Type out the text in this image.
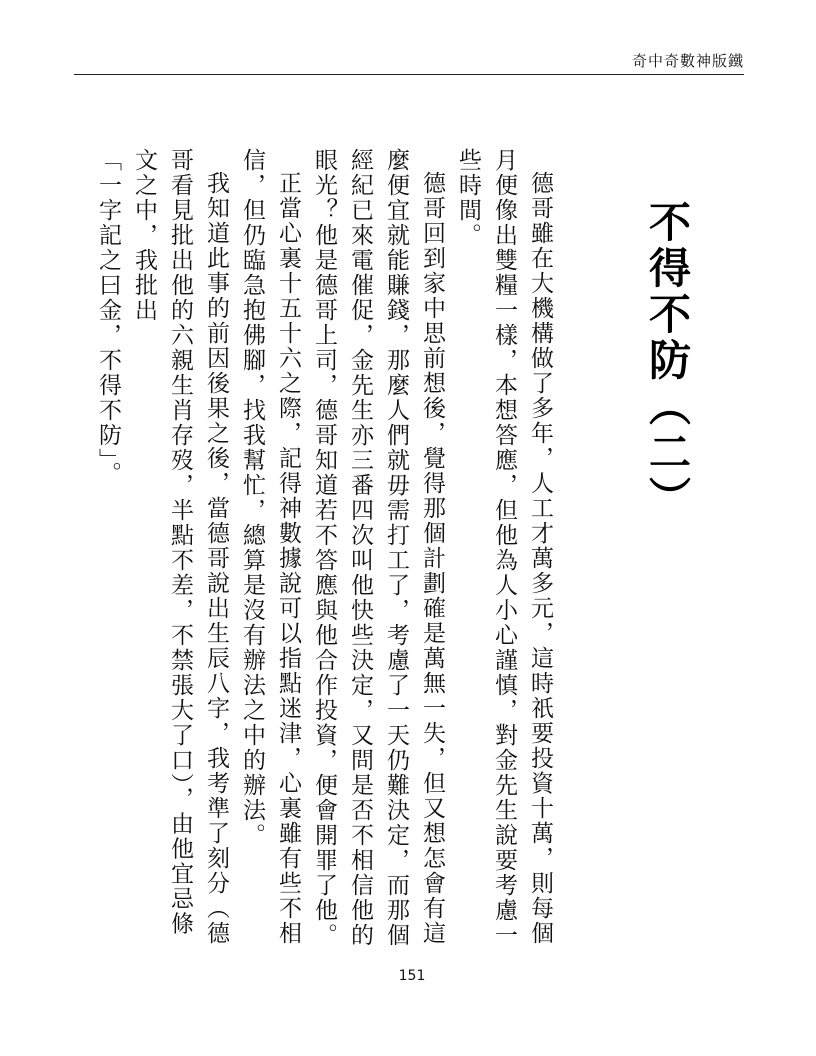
奇中奇數神版鐵
不得不防（二）

德哥雖在大機構做了多年，人工才萬多元，這時祇要投資十萬，則每個月便像出雙糧一樣，本想答應，但他為人小心謹慎，對金先生說要考慮一些時間。

德哥回到家中思前想後，覺得那個計劃確是萬無一失，但又想怎會有這麼便宜就能賺錢，那麼人們就毋需打工了，考慮了一天仍難決定，而那個經紀已來電催促，金先生亦三番四次叫他快些決定，又問是否不相信他的眼光？他是德哥上司，德哥知道若不答應與他合作投資，便會開罪了他。

正當心裏十五十六之際，記得神數據說可以指點迷津，心裏雖有些不相信，但仍臨急抱佛腳，找我幫忙，總算是沒有辦法之中的辦法。

我知道此事的前因後果之後，當德哥說出生辰八字，我考準了刻分（德哥看見批出他的六親生肖存歿，半點不差，不禁張大了口），由他宜忌條文之中，我批出

「一字記之曰金，不得不防」。

151
